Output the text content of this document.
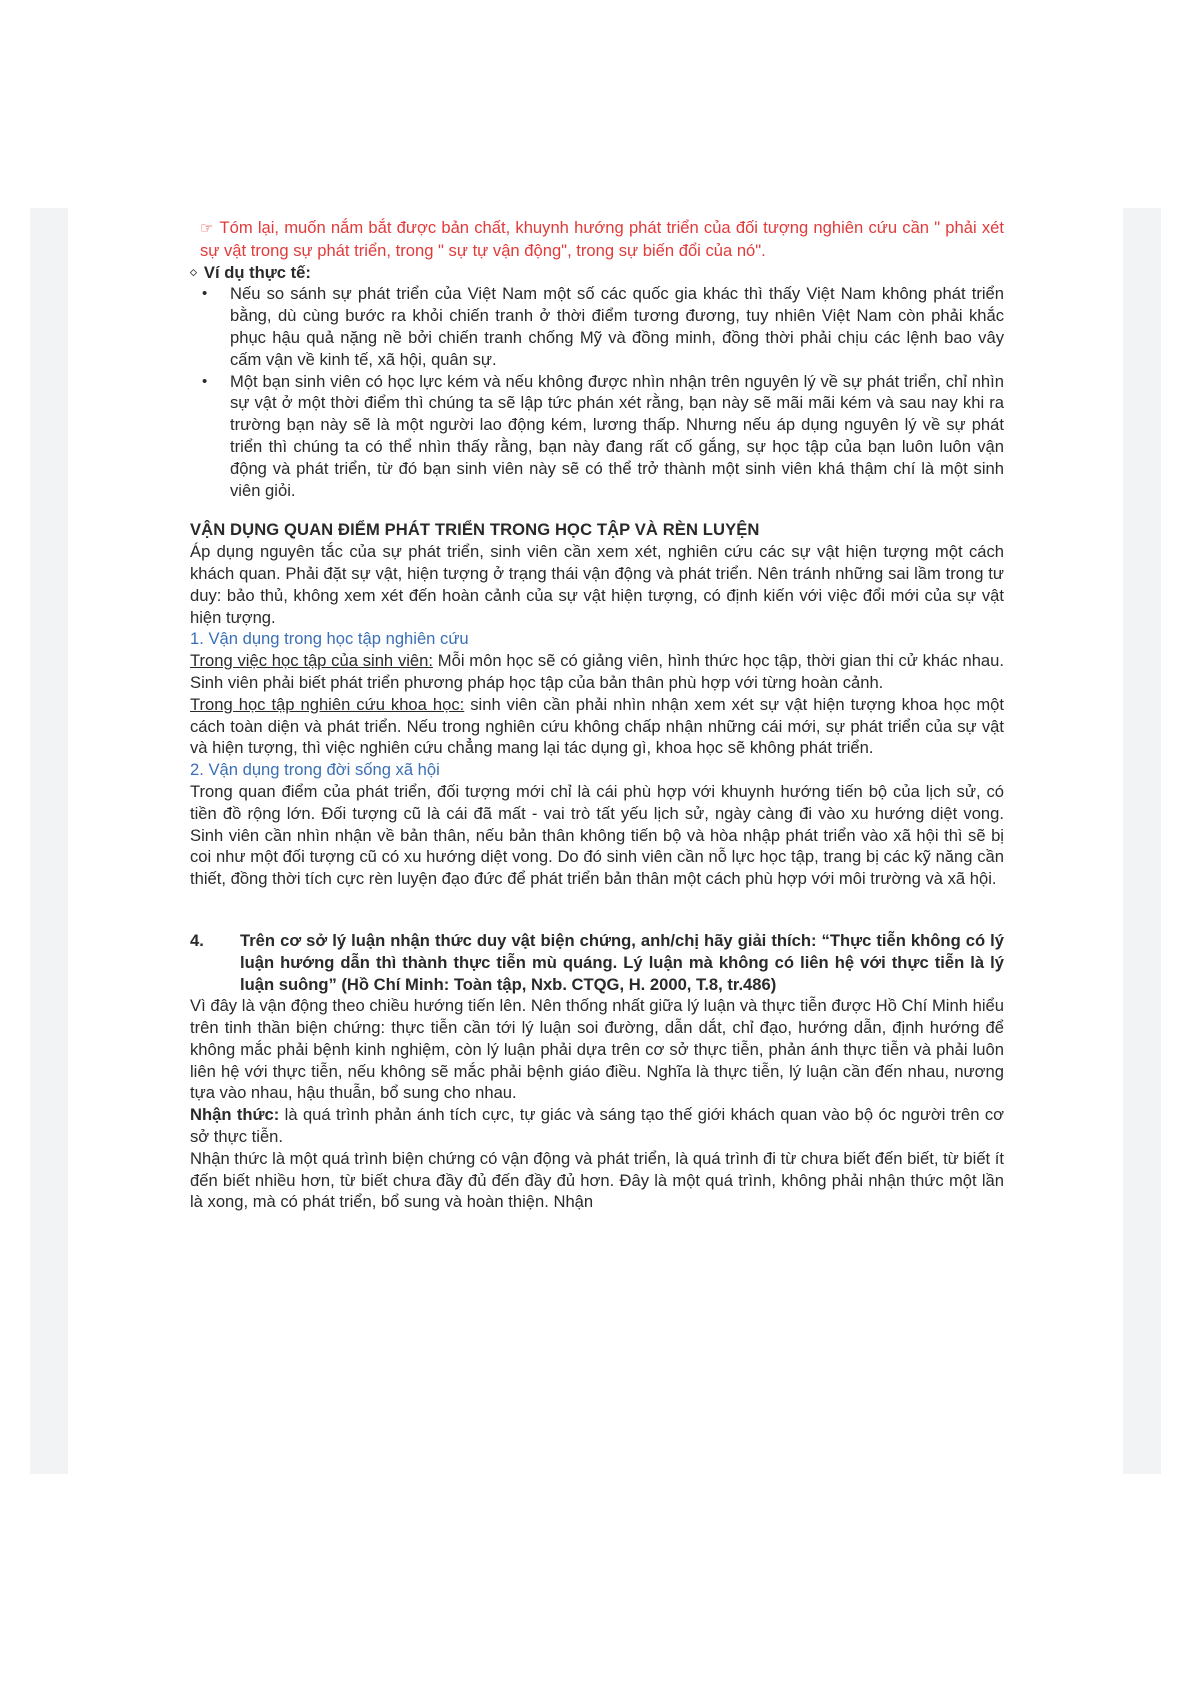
☞ Tóm lại, muốn nắm bắt được bản chất, khuynh hướng phát triển của đối tượng nghiên cứu cần " phải xét sự vật trong sự phát triển, trong " sự tự vận động", trong sự biến đổi của nó".

◇ Ví dụ thực tế:
• Nếu so sánh sự phát triển của Việt Nam một số các quốc gia khác thì thấy Việt Nam không phát triển bằng, dù cùng bước ra khỏi chiến tranh ở thời điểm tương đương, tuy nhiên Việt Nam còn phải khắc phục hậu quả nặng nề bởi chiến tranh chống Mỹ và đồng minh, đồng thời phải chịu các lệnh bao vây cấm vận về kinh tế, xã hội, quân sự.
• Một bạn sinh viên có học lực kém và nếu không được nhìn nhận trên nguyên lý về sự phát triển, chỉ nhìn sự vật ở một thời điểm thì chúng ta sẽ lập tức phán xét rằng, bạn này sẽ mãi mãi kém và sau nay khi ra trường bạn này sẽ là một người lao động kém, lương thấp. Nhưng nếu áp dụng nguyên lý về sự phát triển thì chúng ta có thể nhìn thấy rằng, bạn này đang rất cố gắng, sự học tập của bạn luôn luôn vận động và phát triển, từ đó bạn sinh viên này sẽ có thể trở thành một sinh viên khá thậm chí là một sinh viên giỏi.

VẬN DỤNG QUAN ĐIỂM PHÁT TRIỂN TRONG HỌC TẬP VÀ RÈN LUYỆN

Áp dụng nguyên tắc của sự phát triển, sinh viên cần xem xét, nghiên cứu các sự vật hiện tượng một cách khách quan. Phải đặt sự vật, hiện tượng ở trạng thái vận động và phát triển. Nên tránh những sai lầm trong tư duy: bảo thủ, không xem xét đến hoàn cảnh của sự vật hiện tượng, có định kiến với việc đổi mới của sự vật hiện tượng.

1. Vận dụng trong học tập nghiên cứu

Trong việc học tập của sinh viên: Mỗi môn học sẽ có giảng viên, hình thức học tập, thời gian thi cử khác nhau. Sinh viên phải biết phát triển phương pháp học tập của bản thân phù hợp với từng hoàn cảnh.

Trong học tập nghiên cứu khoa học: sinh viên cần phải nhìn nhận xem xét sự vật hiện tượng khoa học một cách toàn diện và phát triển. Nếu trong nghiên cứu không chấp nhận những cái mới, sự phát triển của sự vật và hiện tượng, thì việc nghiên cứu chẳng mang lại tác dụng gì, khoa học sẽ không phát triển.

2. Vận dụng trong đời sống xã hội

Trong quan điểm của phát triển, đối tượng mới chỉ là cái phù hợp với khuynh hướng tiến bộ của lịch sử, có tiền đồ rộng lớn. Đối tượng cũ là cái đã mất - vai trò tất yếu lịch sử, ngày càng đi vào xu hướng diệt vong. Sinh viên cần nhìn nhận về bản thân, nếu bản thân không tiến bộ và hòa nhập phát triển vào xã hội thì sẽ bị coi như một đối tượng cũ có xu hướng diệt vong. Do đó sinh viên cần nỗ lực học tập, trang bị các kỹ năng cần thiết, đồng thời tích cực rèn luyện đạo đức để phát triển bản thân một cách phù hợp với môi trường và xã hội.

4.	Trên cơ sở lý luận nhận thức duy vật biện chứng, anh/chị hãy giải thích: “Thực tiễn không có lý luận hướng dẫn thì thành thực tiễn mù quáng. Lý luận mà không có liên hệ với thực tiễn là lý luận suông” (Hồ Chí Minh: Toàn tập, Nxb. CTQG, H. 2000, T.8, tr.486)

Vì đây là vận động theo chiều hướng tiến lên. Nên thống nhất giữa lý luận và thực tiễn được Hồ Chí Minh hiểu trên tinh thần biện chứng: thực tiễn cần tới lý luận soi đường, dẫn dắt, chỉ đạo, hướng dẫn, định hướng để không mắc phải bệnh kinh nghiệm, còn lý luận phải dựa trên cơ sở thực tiễn, phản ánh thực tiễn và phải luôn liên hệ với thực tiễn, nếu không sẽ mắc phải bệnh giáo điều. Nghĩa là thực tiễn, lý luận cần đến nhau, nương tựa vào nhau, hậu thuẫn, bổ sung cho nhau.

Nhận thức: là quá trình phản ánh tích cực, tự giác và sáng tạo thế giới khách quan vào bộ óc người trên cơ sở thực tiễn.

Nhận thức là một quá trình biện chứng có vận động và phát triển, là quá trình đi từ chưa biết đến biết, từ biết ít đến biết nhiều hơn, từ biết chưa đầy đủ đến đầy đủ hơn. Đây là một quá trình, không phải nhận thức một lần là xong, mà có phát triển, bổ sung và hoàn thiện. Nhận
